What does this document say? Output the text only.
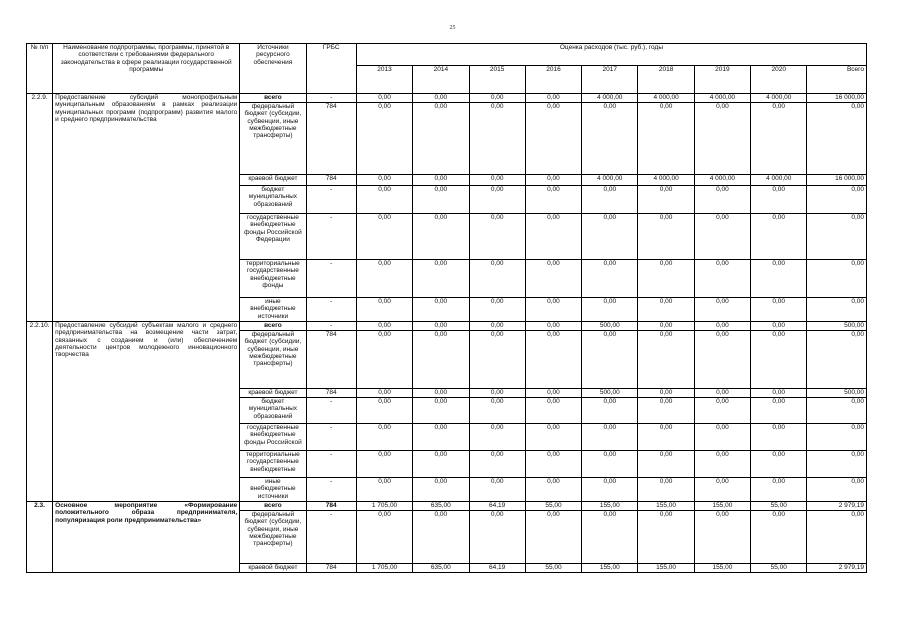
25
№ п/п	Наименование подпрограммы, программы, принятой в соответствии с требованиями федерального законодательства в сфере реализации государственной программы	Источники ресурсного обеспечения	ГРБС	Оценка расходов (тыс. руб.), годы								
				2013	2014	2015	2016	2017	2018	2019	2020	Всего
2.2.9.	Предоставление субсидий монопрофильным муниципальным образованиям в рамках реализации муниципальных программ (подпрограмм) развития малого и среднего предпринимательства	всего	-	0,00	0,00	0,00	0,00	4 000,00	4 000,00	4 000,00	4 000,00	16 000,00
		федеральный бюджет (субсидии, субвенции, иные межбюджетные трансферты)	784	0,00	0,00	0,00	0,00	0,00	0,00	0,00	0,00	0,00
		краевой бюджет	784	0,00	0,00	0,00	0,00	4 000,00	4 000,00	4 000,00	4 000,00	16 000,00
		бюджет муниципальных образований	-	0,00	0,00	0,00	0,00	0,00	0,00	0,00	0,00	0,00
		государственные внебюджетные фонды Российской Федерации	-	0,00	0,00	0,00	0,00	0,00	0,00	0,00	0,00	0,00
		территориальные государственные внебюджетные фонды	-	0,00	0,00	0,00	0,00	0,00	0,00	0,00	0,00	0,00
		иные внебюджетные источники	-	0,00	0,00	0,00	0,00	0,00	0,00	0,00	0,00	0,00
2.2.10.	Предоставление субсидий субъектам малого и среднего предпринимательства на возмещение части затрат, связанных с созданием и (или) обеспечением деятельности центров молодежного инновационного творчества	всего	-	0,00	0,00	0,00	0,00	500,00	0,00	0,00	0,00	500,00
		федеральный бюджет (субсидии, субвенции, иные межбюджетные трансферты)	784	0,00	0,00	0,00	0,00	0,00	0,00	0,00	0,00	0,00
		краевой бюджет	784	0,00	0,00	0,00	0,00	500,00	0,00	0,00	0,00	500,00
		бюджет муниципальных образований	-	0,00	0,00	0,00	0,00	0,00	0,00	0,00	0,00	0,00
		государственные внебюджетные фонды Российской	-	0,00	0,00	0,00	0,00	0,00	0,00	0,00	0,00	0,00
		территориальные государственные внебюджетные	-	0,00	0,00	0,00	0,00	0,00	0,00	0,00	0,00	0,00
		иные внебюджетные источники	-	0,00	0,00	0,00	0,00	0,00	0,00	0,00	0,00	0,00
2.3.	Основное мероприятие «Формирование положительного образа предпринимателя, популяризация роли предпринимательства»	всего	784	1 705,00	635,00	64,19	55,00	155,00	155,00	155,00	55,00	2 979,19
		федеральный бюджет (субсидии, субвенции, иные межбюджетные трансферты)	-	0,00	0,00	0,00	0,00	0,00	0,00	0,00	0,00	0,00
		краевой бюджет	784	1 705,00	635,00	64,19	55,00	155,00	155,00	155,00	55,00	2 979,19
